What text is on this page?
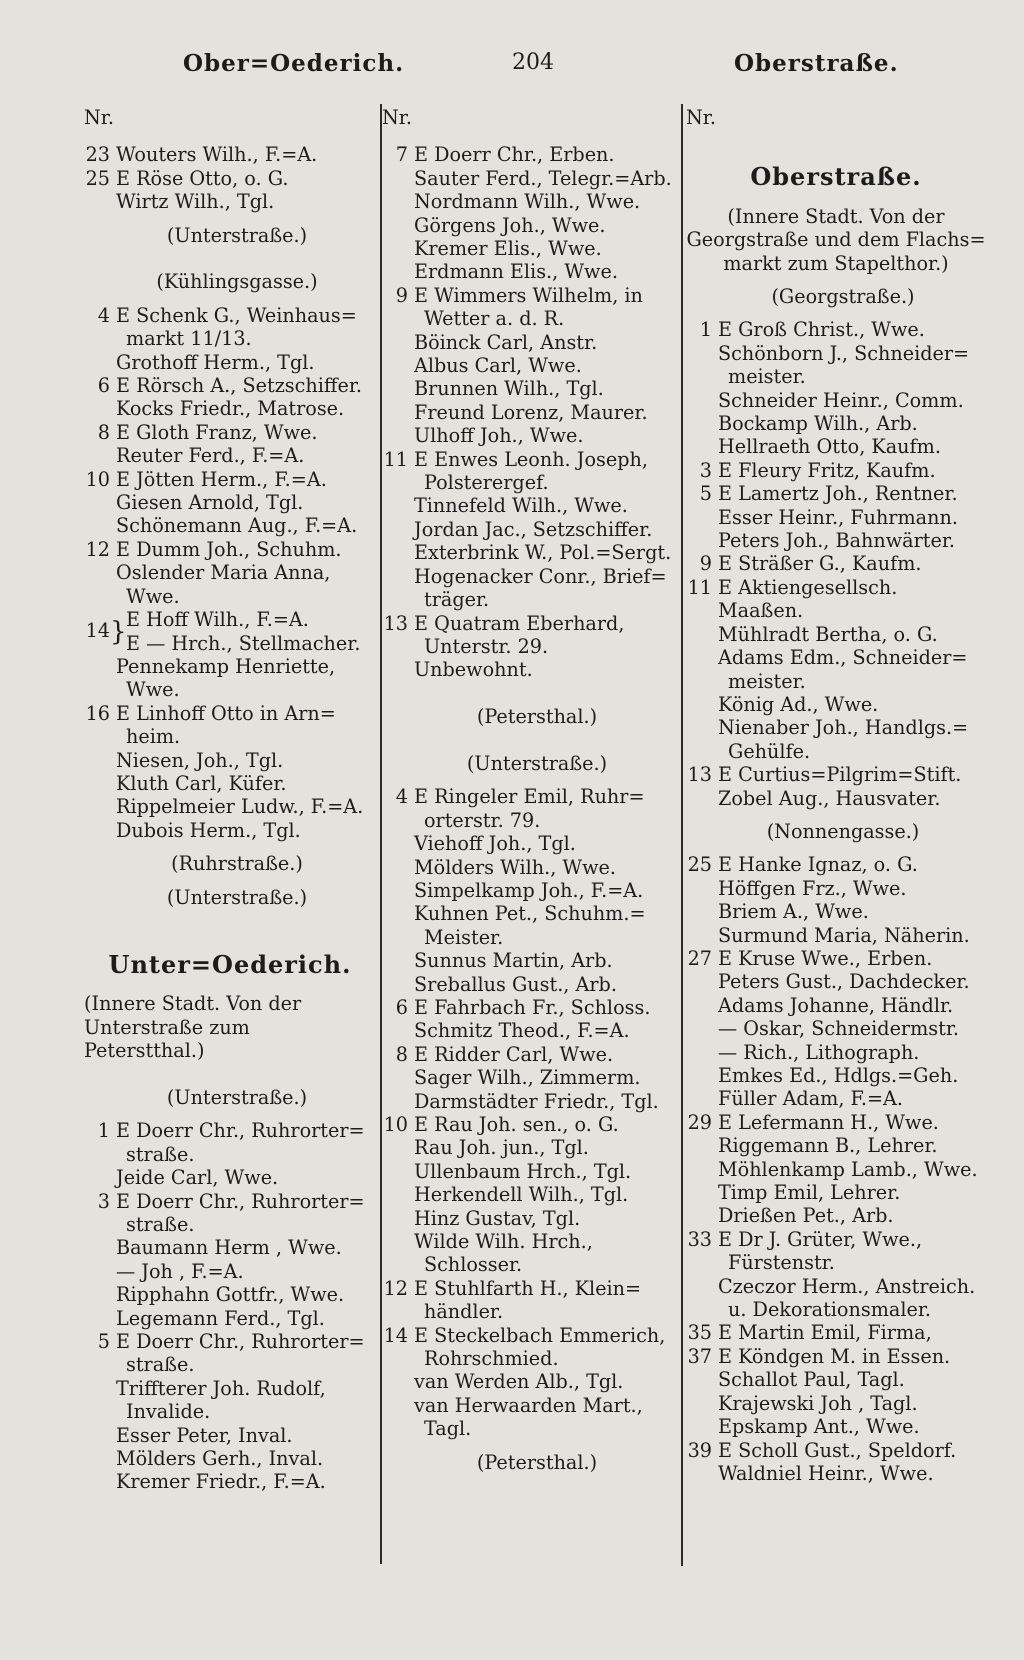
Ober=Oederich.	204	Oberstraße.
Nr.
23 Wouters Wilh., F.=A.
25 E Röse Otto, o. G.
Wirtz Wilh., Tgl.
(Unterstraße.)
(Kühlingsgasse.)
4 E Schenk G., Weinhaus=
markt 11/13.
Grothoff Herm., Tgl.
6 E Rörsch A., Setzschiffer.
Kocks Friedr., Matrose.
8 E Gloth Franz, Wwe.
Reuter Ferd., F.=A.
10 E Jötten Herm., F.=A.
Giesen Arnold, Tgl.
Schönemann Aug., F.=A.
12 E Dumm Joh., Schuhm.
Oslender Maria Anna,
Wwe.
14 } E Hoff Wilh., F.=A.
E — Hrch., Stellmacher.
Pennekamp Henriette,
Wwe.
16 E Linhoff Otto in Arn=
heim.
Niesen, Joh., Tgl.
Kluth Carl, Küfer.
Rippelmeier Ludw., F.=A.
Dubois Herm., Tgl.
(Ruhrstraße.)
(Unterstraße.)
Unter=Oederich.
(Innere Stadt. Von der Unterstraße zum Peterstthal.)
(Unterstraße.)
1 E Doerr Chr., Ruhrorter=
straße.
Jeide Carl, Wwe.
3 E Doerr Chr., Ruhrorter=
straße.
Baumann Herm , Wwe.
— Joh , F.=A.
Ripphahn Gottfr., Wwe.
Legemann Ferd., Tgl.
5 E Doerr Chr., Ruhrorter=
straße.
Triffterer Joh. Rudolf,
Invalide.
Esser Peter, Inval.
Mölders Gerh., Inval.
Kremer Friedr., F.=A.
Nr.
7 E Doerr Chr., Erben.
Sauter Ferd., Telegr.=Arb.
Nordmann Wilh., Wwe.
Görgens Joh., Wwe.
Kremer Elis., Wwe.
Erdmann Elis., Wwe.
9 E Wimmers Wilhelm, in
Wetter a. d. R.
Böinck Carl, Anstr.
Albus Carl, Wwe.
Brunnen Wilh., Tgl.
Freund Lorenz, Maurer.
Ulhoff Joh., Wwe.
11 E Enwes Leonh. Joseph,
Polsterergef.
Tinnefeld Wilh., Wwe.
Jordan Jac., Setzschiffer.
Exterbrink W., Pol.=Sergt.
Hogenacker Conr., Brief=
träger.
13 E Quatram Eberhard,
Unterstr. 29.
Unbewohnt.
(Petersthal.)
(Unterstraße.)
4 E Ringeler Emil, Ruhr=
orterstr. 79.
Viehoff Joh., Tgl.
Mölders Wilh., Wwe.
Simpelkamp Joh., F.=A.
Kuhnen Pet., Schuhm.=
Meister.
Sunnus Martin, Arb.
Sreballus Gust., Arb.
6 E Fahrbach Fr., Schloss.
Schmitz Theod., F.=A.
8 E Ridder Carl, Wwe.
Sager Wilh., Zimmerm.
Darmstädter Friedr., Tgl.
10 E Rau Joh. sen., o. G.
Rau Joh. jun., Tgl.
Ullenbaum Hrch., Tgl.
Herkendell Wilh., Tgl.
Hinz Gustav, Tgl.
Wilde Wilh. Hrch.,
Schlosser.
12 E Stuhlfarth H., Klein=
händler.
14 E Steckelbach Emmerich,
Rohrschmied.
van Werden Alb., Tgl.
van Herwaarden Mart.,
Tagl.
(Petersthal.)
Nr.
Oberstraße.
(Innere Stadt. Von der Georgstraße und dem Flachs= markt zum Stapelthor.)
(Georgstraße.)
1 E Groß Christ., Wwe.
Schönborn J., Schneider=
meister.
Schneider Heinr., Comm.
Bockamp Wilh., Arb.
Hellraeth Otto, Kaufm.
3 E Fleury Fritz, Kaufm.
5 E Lamertz Joh., Rentner.
Esser Heinr., Fuhrmann.
Peters Joh., Bahnwärter.
9 E Sträßer G., Kaufm.
11 E Aktiengesellsch. Maaßen.
Mühlradt Bertha, o. G.
Adams Edm., Schneider=
meister.
König Ad., Wwe.
Nienaber Joh., Handlgs.=
Gehülfe.
13 E Curtius=Pilgrim=Stift.
Zobel Aug., Hausvater.
(Nonnengasse.)
25 E Hanke Ignaz, o. G.
Höffgen Frz., Wwe.
Briem A., Wwe.
Surmund Maria, Näherin.
27 E Kruse Wwe., Erben.
Peters Gust., Dachdecker.
Adams Johanne, Händlr.
— Oskar, Schneidermstr.
— Rich., Lithograph.
Emkes Ed., Hdlgs.=Geh.
Füller Adam, F.=A.
29 E Lefermann H., Wwe.
Riggemann B., Lehrer.
Möhlenkamp Lamb., Wwe.
Timp Emil, Lehrer.
Drießen Pet., Arb.
33 E Dr J. Grüter, Wwe.,
Fürstenstr.
Czeczor Herm., Anstreich.
u. Dekorationsmaler.
35 E Martin Emil, Firma,
37 E Köndgen M. in Essen.
Schallot Paul, Tagl.
Krajewski Joh , Tagl.
Epskamp Ant., Wwe.
39 E Scholl Gust., Speldorf.
Waldniel Heinr., Wwe.
